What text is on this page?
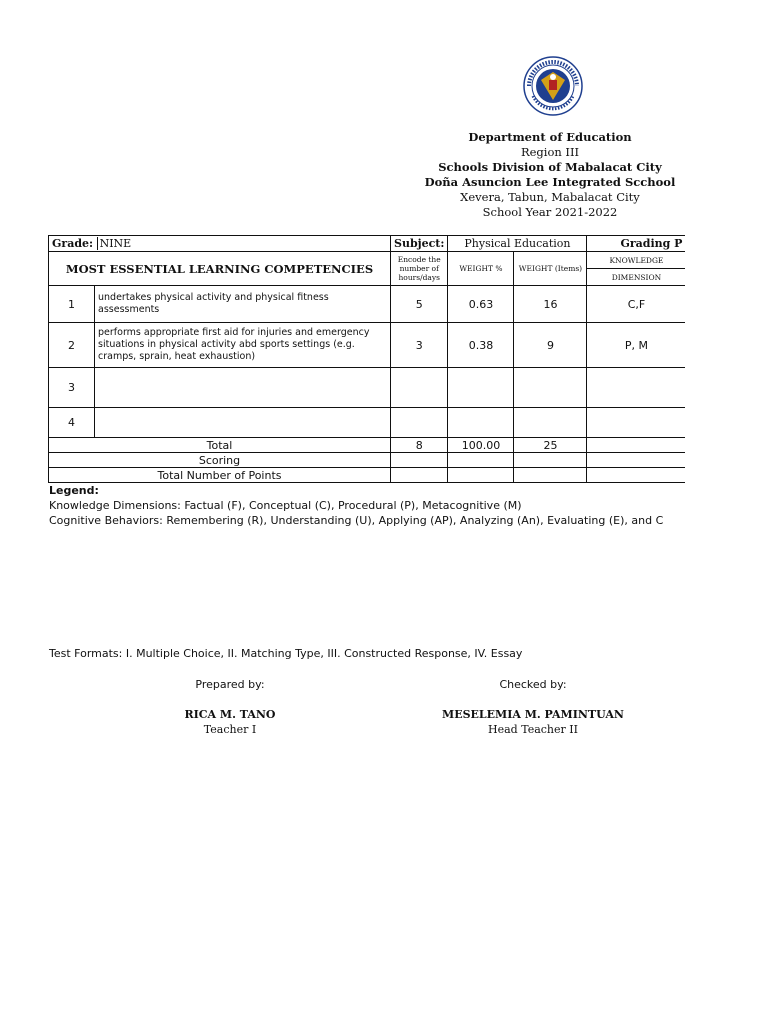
Department of Education
Region III
Schools Division of Mabalacat City
Doña Asuncion Lee Integrated Scchool
Xevera, Tabun, Mabalacat City
School Year 2021-2022
Grade: NINE		Subject:	Physical Education		Grading P
MOST ESSENTIAL LEARNING COMPETENCIES		Encode the number of hours/days	WEIGHT %	WEIGHT (Items)	KNOWLEDGE
					DIMENSION
1	undertakes physical activity and physical fitness assessments	5	0.63	16	C,F
2	performs appropriate first aid for injuries and emergency situations in physical activity abd sports settings (e.g. cramps, sprain, heat exhaustion)	3	0.38	9	P, M
3					
4					
Total		8	100.00	25	
Scoring					
Total Number of Points					
Legend:
Knowledge Dimensions: Factual (F), Conceptual (C), Procedural (P), Metacognitive (M)
Cognitive Behaviors: Remembering (R), Understanding (U), Applying (AP), Analyzing (An), Evaluating (E), and C
Test Formats: I. Multiple Choice, II. Matching Type, III. Constructed Response, IV. Essay
Prepared by:	Checked by:
RICA M. TANO	MESELEMIA M. PAMINTUAN
Teacher I	Head Teacher II
